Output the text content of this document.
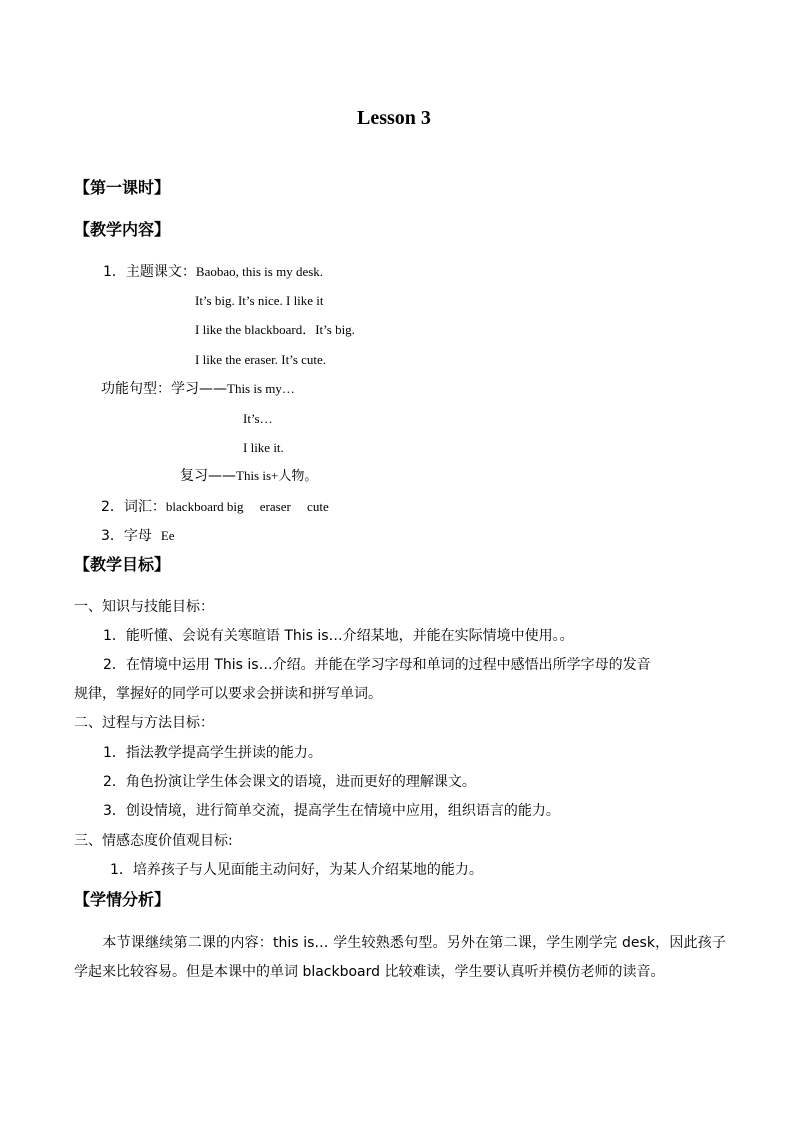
Lesson 3
【第一课时】
【教学内容】
1．主题课文：Baobao, this is my desk.
It’s big. It’s nice. I like it
I like the blackboard．It’s big.
I like the eraser. It’s cute.
功能句型：学习——This is my…
It’s…
I like it.
复习——This is+人物。
2．词汇：blackboard big     eraser     cute
3．字母  Ee
【教学目标】
一、知识与技能目标：
1．能听懂、会说有关寒暄语 This is…介绍某地，并能在实际情境中使用。。
2．在情境中运用 This is…介绍。并能在学习字母和单词的过程中感悟出所学字母的发音
规律，掌握好的同学可以要求会拼读和拼写单词。
二、过程与方法目标：
1．指法教学提高学生拼读的能力。
2．角色扮演让学生体会课文的语境，进而更好的理解课文。
3．创设情境，进行简单交流，提高学生在情境中应用，组织语言的能力。
三、情感态度价值观目标:
1．培养孩子与人见面能主动问好，为某人介绍某地的能力。
【学情分析】
　　本节课继续第二课的内容：this is… 学生较熟悉句型。另外在第二课，学生刚学完 desk，因此孩子学起来比较容易。但是本课中的单词 blackboard 比较难读，学生要认真听并模仿老师的读音。
